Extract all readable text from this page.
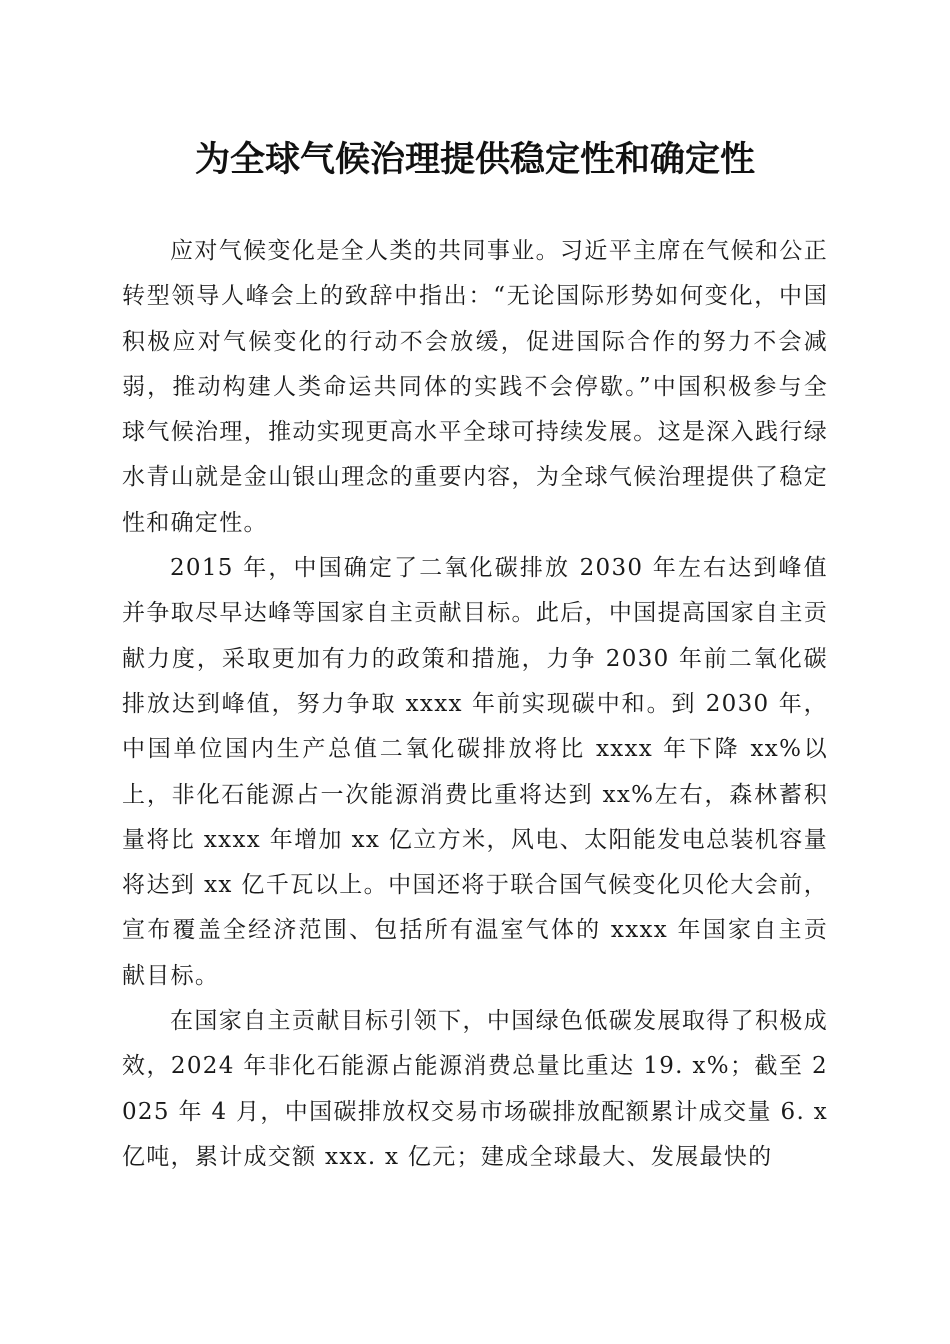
为全球气候治理提供稳定性和确定性

应对气候变化是全人类的共同事业。习近平主席在气候和公正转型领导人峰会上的致辞中指出：“无论国际形势如何变化，中国积极应对气候变化的行动不会放缓，促进国际合作的努力不会减弱，推动构建人类命运共同体的实践不会停歇。”中国积极参与全球气候治理，推动实现更高水平全球可持续发展。这是深入践行绿水青山就是金山银山理念的重要内容，为全球气候治理提供了稳定性和确定性。

2015 年，中国确定了二氧化碳排放 2030 年左右达到峰值并争取尽早达峰等国家自主贡献目标。此后，中国提高国家自主贡献力度，采取更加有力的政策和措施，力争 2030 年前二氧化碳排放达到峰值，努力争取 xxxx 年前实现碳中和。到 2030 年，中国单位国内生产总值二氧化碳排放将比 xxxx 年下降 xx%以上，非化石能源占一次能源消费比重将达到 xx%左右，森林蓄积量将比 xxxx 年增加 xx 亿立方米，风电、太阳能发电总装机容量将达到 xx 亿千瓦以上。中国还将于联合国气候变化贝伦大会前，宣布覆盖全经济范围、包括所有温室气体的 xxxx 年国家自主贡献目标。

在国家自主贡献目标引领下，中国绿色低碳发展取得了积极成效，2024 年非化石能源占能源消费总量比重达 19. x%；截至 2025 年 4 月，中国碳排放权交易市场碳排放配额累计成交量 6. x 亿吨，累计成交额 xxx. x 亿元；建成全球最大、发展最快的
